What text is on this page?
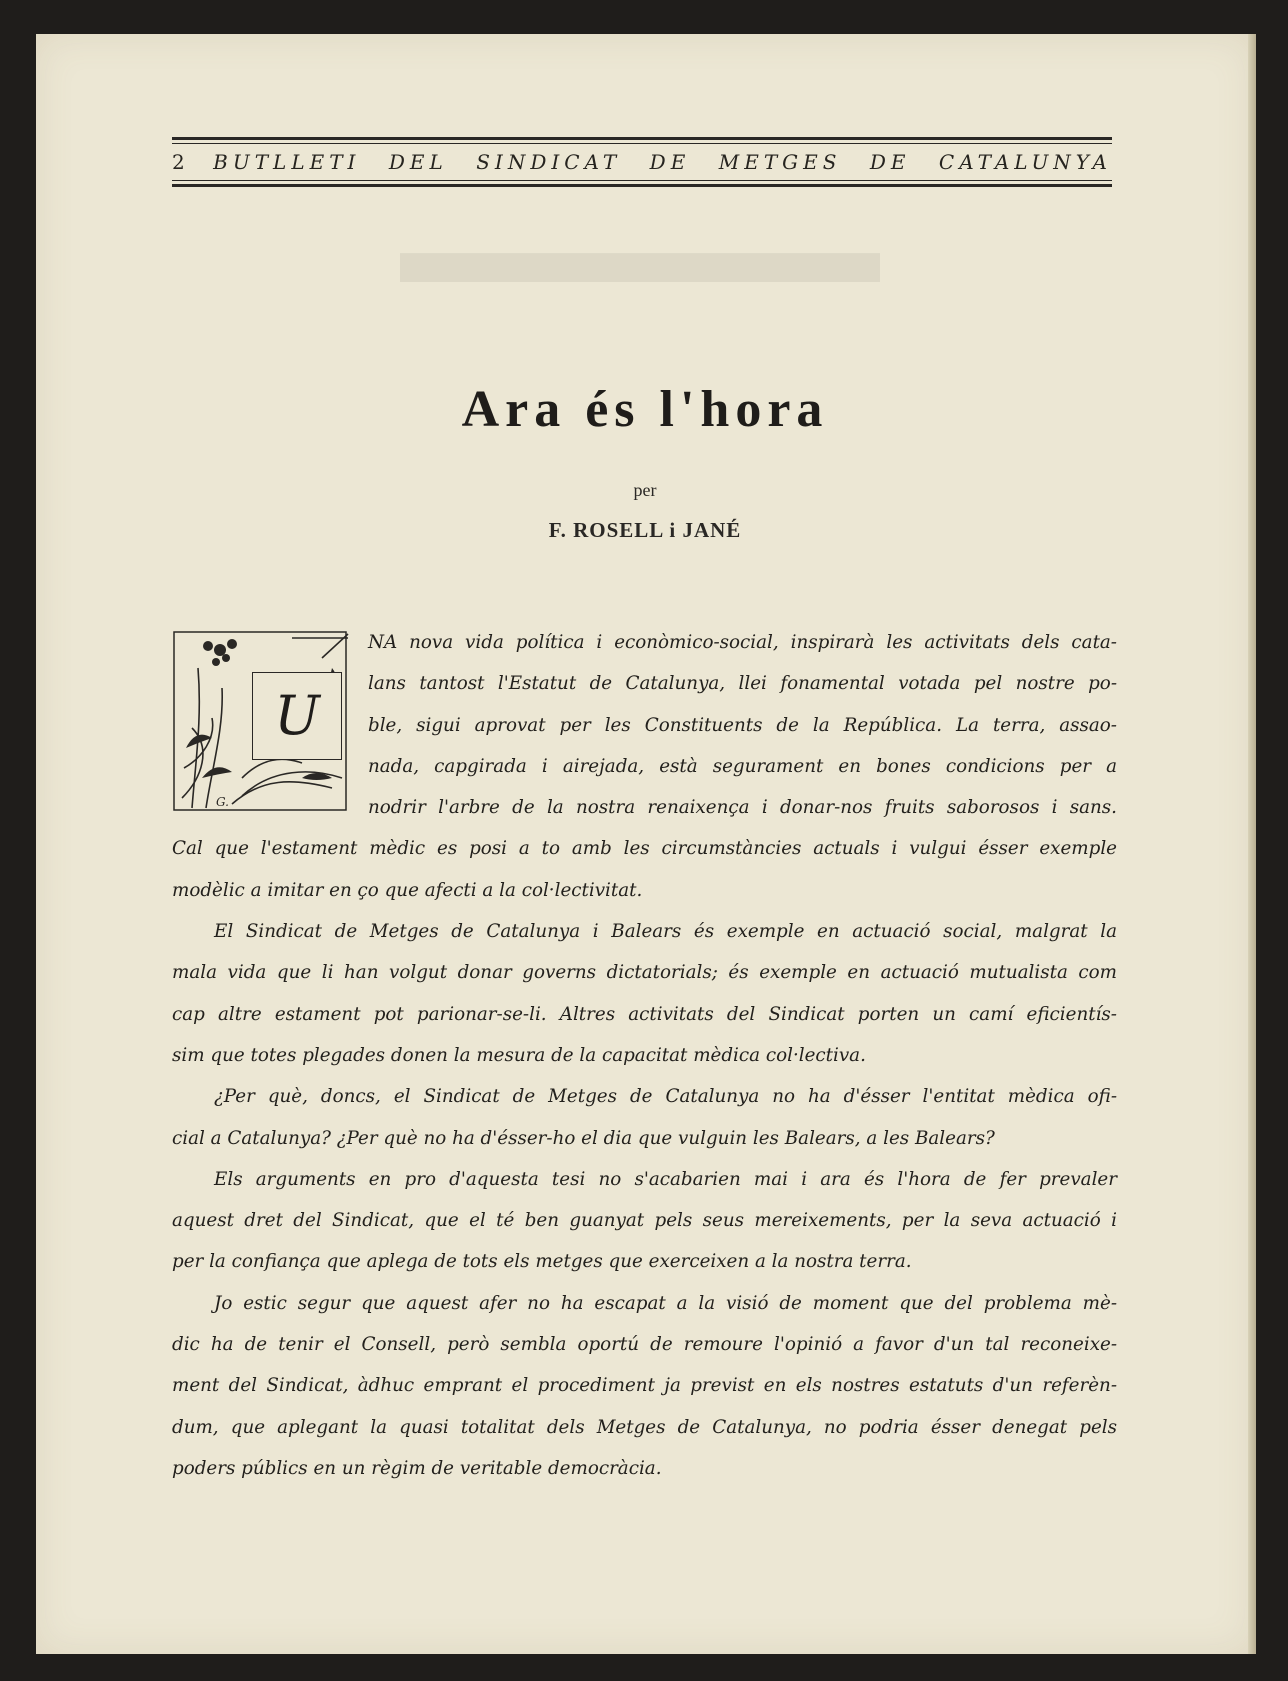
2 BUTLLETI DEL SINDICAT DE METGES DE CATALUNYA
Ara és l'hora
per
F. ROSELL i JANÉ
G.
U
NA nova vida política i econòmico-social, inspirarà les activitats dels cata-
lans tantost l'Estatut de Catalunya, llei fonamental votada pel nostre po-
ble, sigui aprovat per les Constituents de la República. La terra, assao-
nada, capgirada i airejada, està segurament en bones condicions per a
nodrir l'arbre de la nostra renaixença i donar-nos fruits saborosos i sans.
Cal que l'estament mèdic es posi a to amb les circumstàncies actuals i vulgui ésser exemple
modèlic a imitar en ço que afecti a la col·lectivitat.
El Sindicat de Metges de Catalunya i Balears és exemple en actuació social, malgrat la
mala vida que li han volgut donar governs dictatorials; és exemple en actuació mutualista com
cap altre estament pot parionar-se-li. Altres activitats del Sindicat porten un camí eficientís-
sim que totes plegades donen la mesura de la capacitat mèdica col·lectiva.
¿Per què, doncs, el Sindicat de Metges de Catalunya no ha d'ésser l'entitat mèdica ofi-
cial a Catalunya? ¿Per què no ha d'ésser-ho el dia que vulguin les Balears, a les Balears?
Els arguments en pro d'aquesta tesi no s'acabarien mai i ara és l'hora de fer prevaler
aquest dret del Sindicat, que el té ben guanyat pels seus mereixements, per la seva actuació i
per la confiança que aplega de tots els metges que exerceixen a la nostra terra.
Jo estic segur que aquest afer no ha escapat a la visió de moment que del problema mè-
dic ha de tenir el Consell, però sembla oportú de remoure l'opinió a favor d'un tal reconeixe-
ment del Sindicat, àdhuc emprant el procediment ja previst en els nostres estatuts d'un referèn-
dum, que aplegant la quasi totalitat dels Metges de Catalunya, no podria ésser denegat pels
poders públics en un règim de veritable democràcia.
